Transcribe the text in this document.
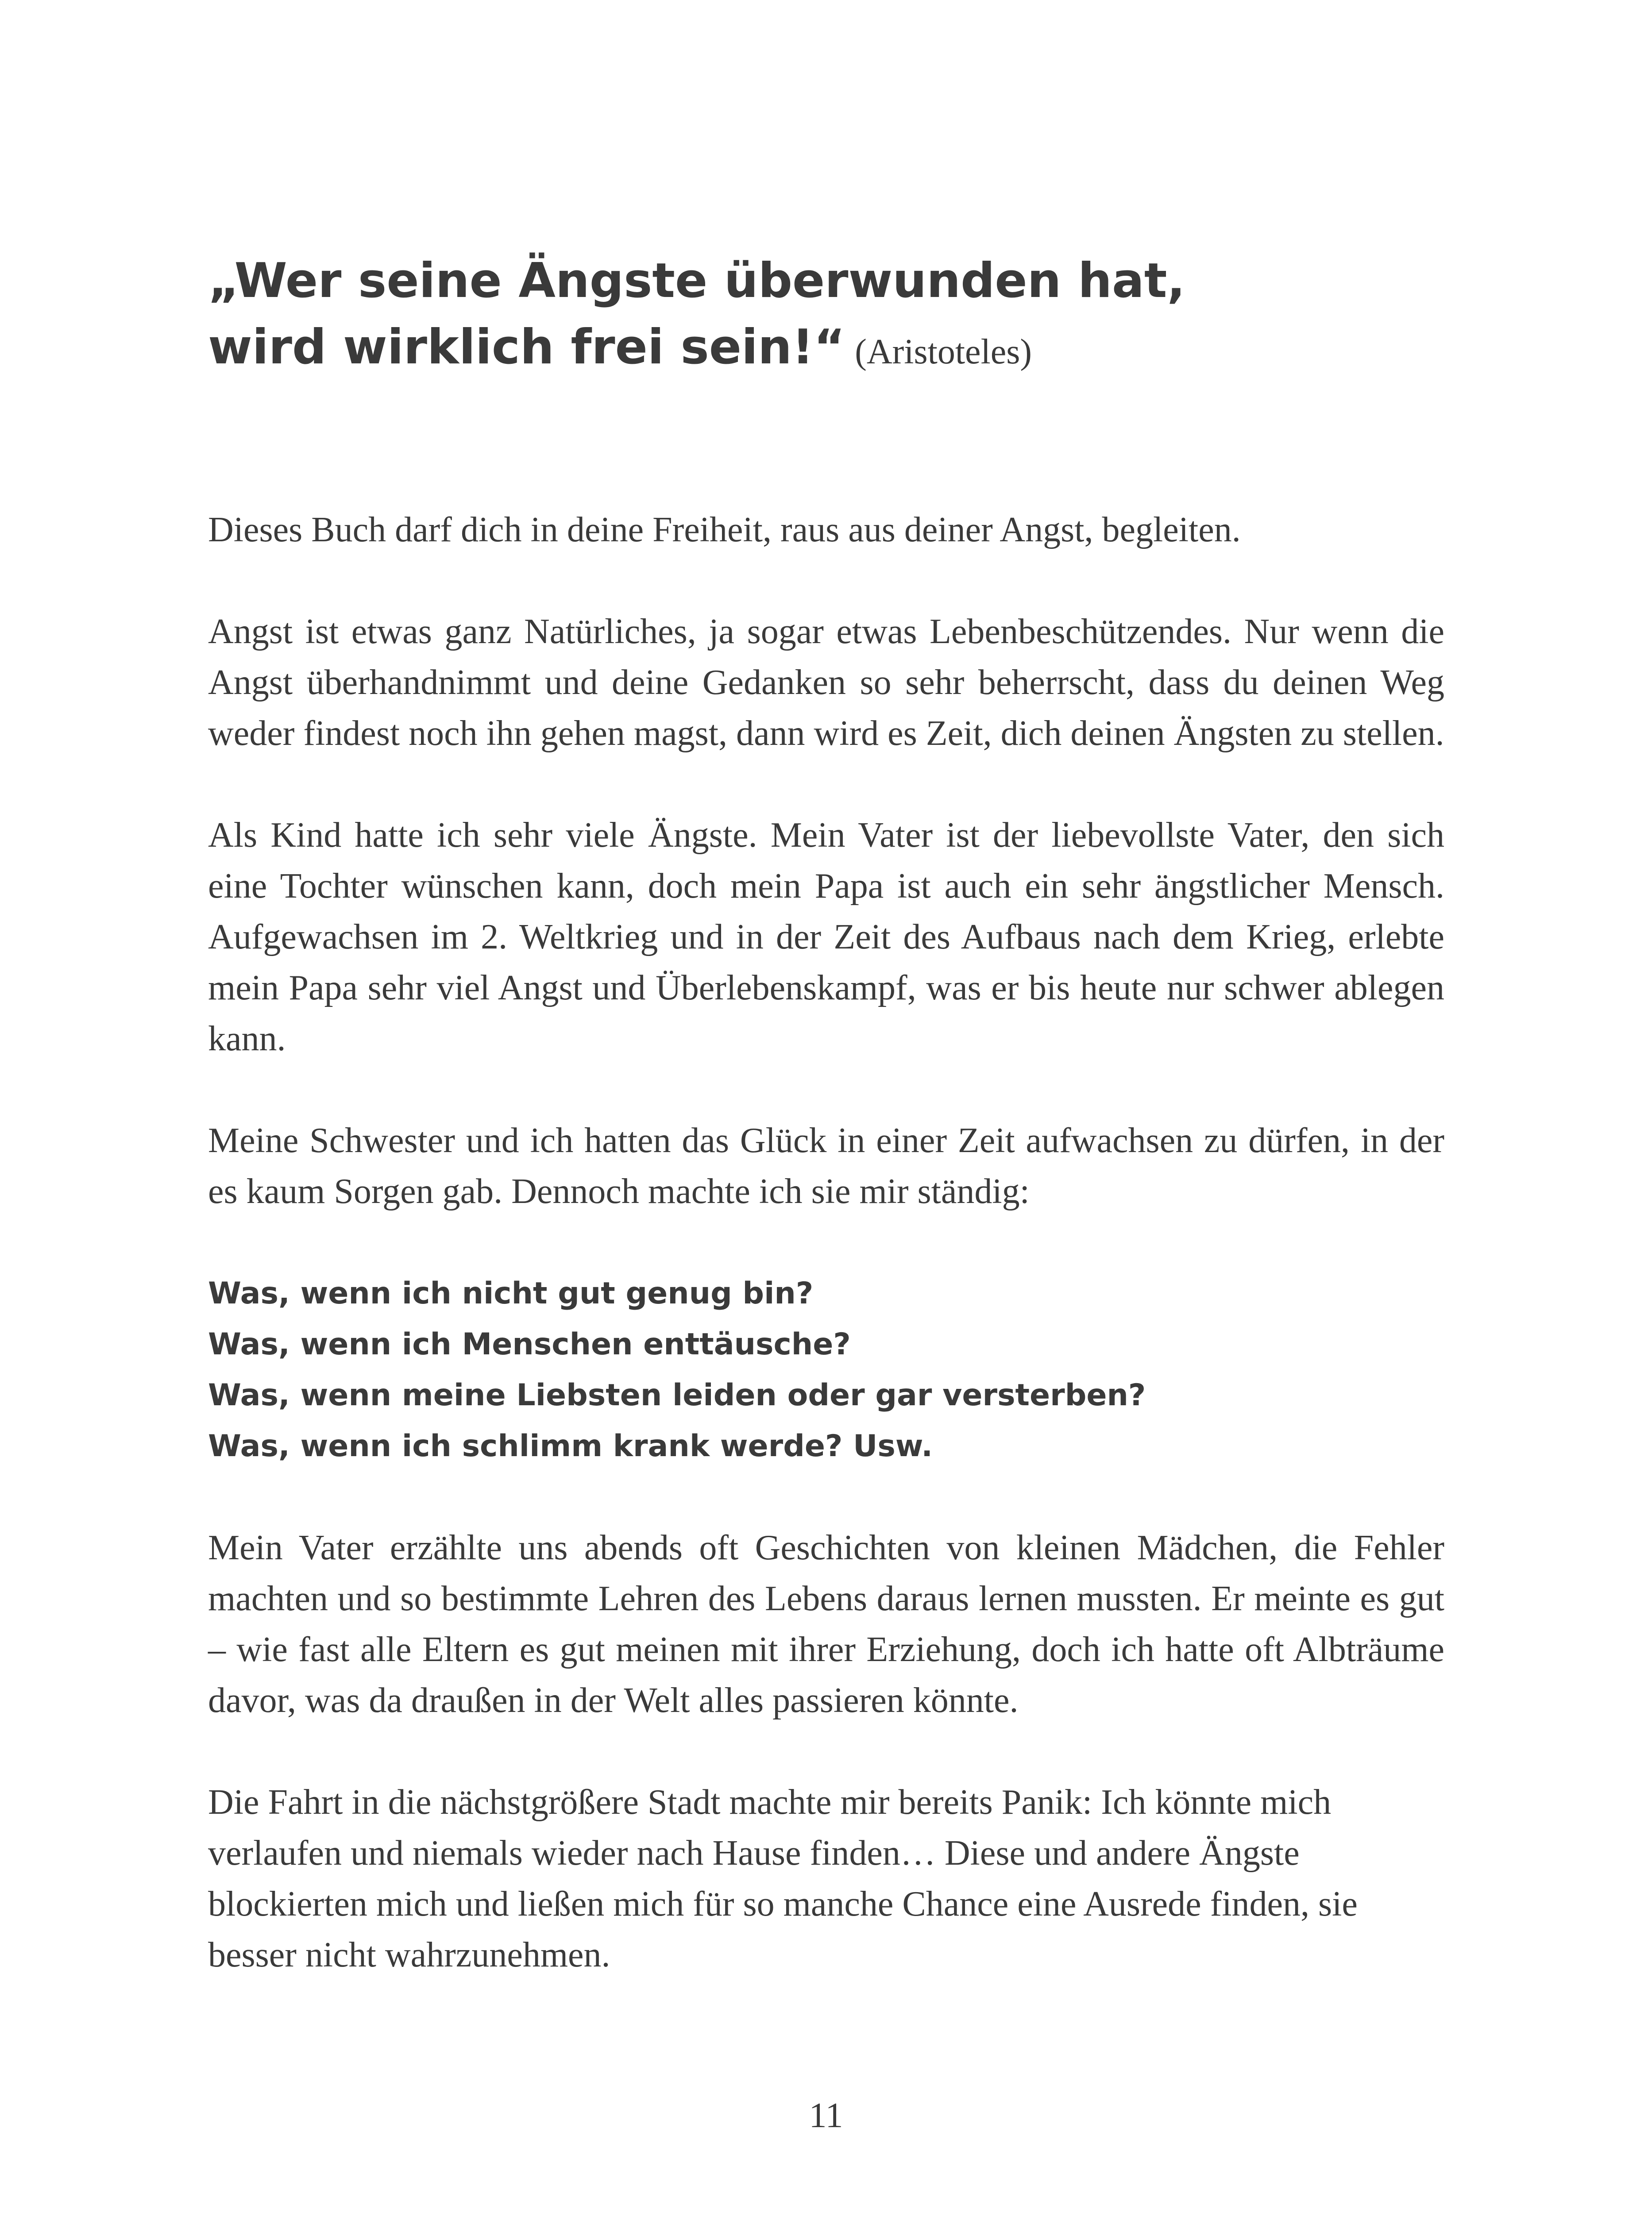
„Wer seine Ängste überwunden hat,
wird wirklich frei sein!“ (Aristoteles)

Dieses Buch darf dich in deine Freiheit, raus aus deiner Angst, begleiten.

Angst ist etwas ganz Natürliches, ja sogar etwas Lebenbeschützendes. Nur wenn die Angst überhandnimmt und deine Gedanken so sehr beherrscht, dass du deinen Weg weder findest noch ihn gehen magst, dann wird es Zeit, dich deinen Ängsten zu stellen.

Als Kind hatte ich sehr viele Ängste. Mein Vater ist der liebevollste Vater, den sich eine Tochter wünschen kann, doch mein Papa ist auch ein sehr ängstlicher Mensch. Aufgewachsen im 2. Weltkrieg und in der Zeit des Aufbaus nach dem Krieg, erlebte mein Papa sehr viel Angst und Überlebenskampf, was er bis heute nur schwer ablegen kann.

Meine Schwester und ich hatten das Glück in einer Zeit aufwachsen zu dürfen, in der es kaum Sorgen gab. Dennoch machte ich sie mir ständig:

Was, wenn ich nicht gut genug bin?
Was, wenn ich Menschen enttäusche?
Was, wenn meine Liebsten leiden oder gar versterben?
Was, wenn ich schlimm krank werde? Usw.

Mein Vater erzählte uns abends oft Geschichten von kleinen Mädchen, die Fehler machten und so bestimmte Lehren des Lebens daraus lernen mussten. Er meinte es gut – wie fast alle Eltern es gut meinen mit ihrer Erziehung, doch ich hatte oft Albträume davor, was da draußen in der Welt alles passieren könnte.

Die Fahrt in die nächstgrößere Stadt machte mir bereits Panik: Ich könnte mich verlaufen und niemals wieder nach Hause finden… Diese und andere Ängste blockierten mich und ließen mich für so manche Chance eine Ausrede finden, sie besser nicht wahrzunehmen.

11
